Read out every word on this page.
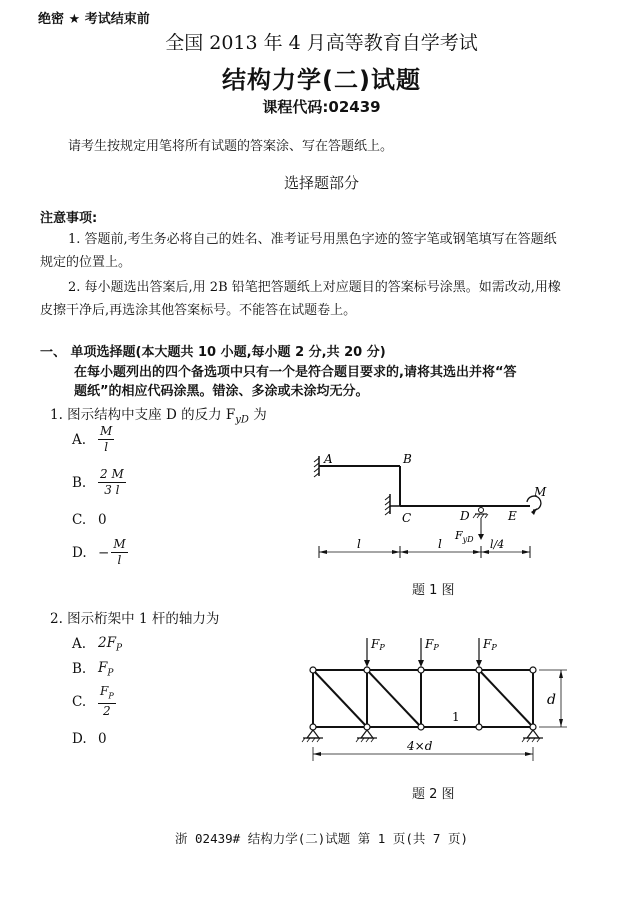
绝密 ★ 考试结束前
全国 2013 年 4 月高等教育自学考试
结构力学(二)试题
课程代码:02439
请考生按规定用笔将所有试题的答案涂、写在答题纸上。
选择题部分
注意事项:
1. 答题前,考生务必将自己的姓名、准考证号用黑色字迹的签字笔或钢笔填写在答题纸
规定的位置上。
2. 每小题选出答案后,用 2B 铅笔把答题纸上对应题目的答案标号涂黑。如需改动,用橡
皮擦干净后,再选涂其他答案标号。不能答在试题卷上。
一、 单项选择题(本大题共 10 小题,每小题 2 分,共 20 分)
在每小题列出的四个备选项中只有一个是符合题目要求的,请将其选出并将“答
题纸”的相应代码涂黑。错涂、多涂或未涂均无分。
1. 图示结构中支座 D 的反力 $F_{yD}$ 为
A. $\frac{M}{l}$
B. $\frac{2 M}{3 l}$
C. 0
D. − $\frac{M}{l}$
A	B
C	D	E
M
$F_{yD}$
l	l	l/4
题 1 图
2. 图示桁架中 1 杆的轴力为
A. $2F_P$
B. $F_P$
C. $\frac{F_P}{2}$
D. 0
FP	FP	FP
1
d
4×d
题 2 图
浙 02439# 结构力学(二)试题 第 1 页(共 7 页)
